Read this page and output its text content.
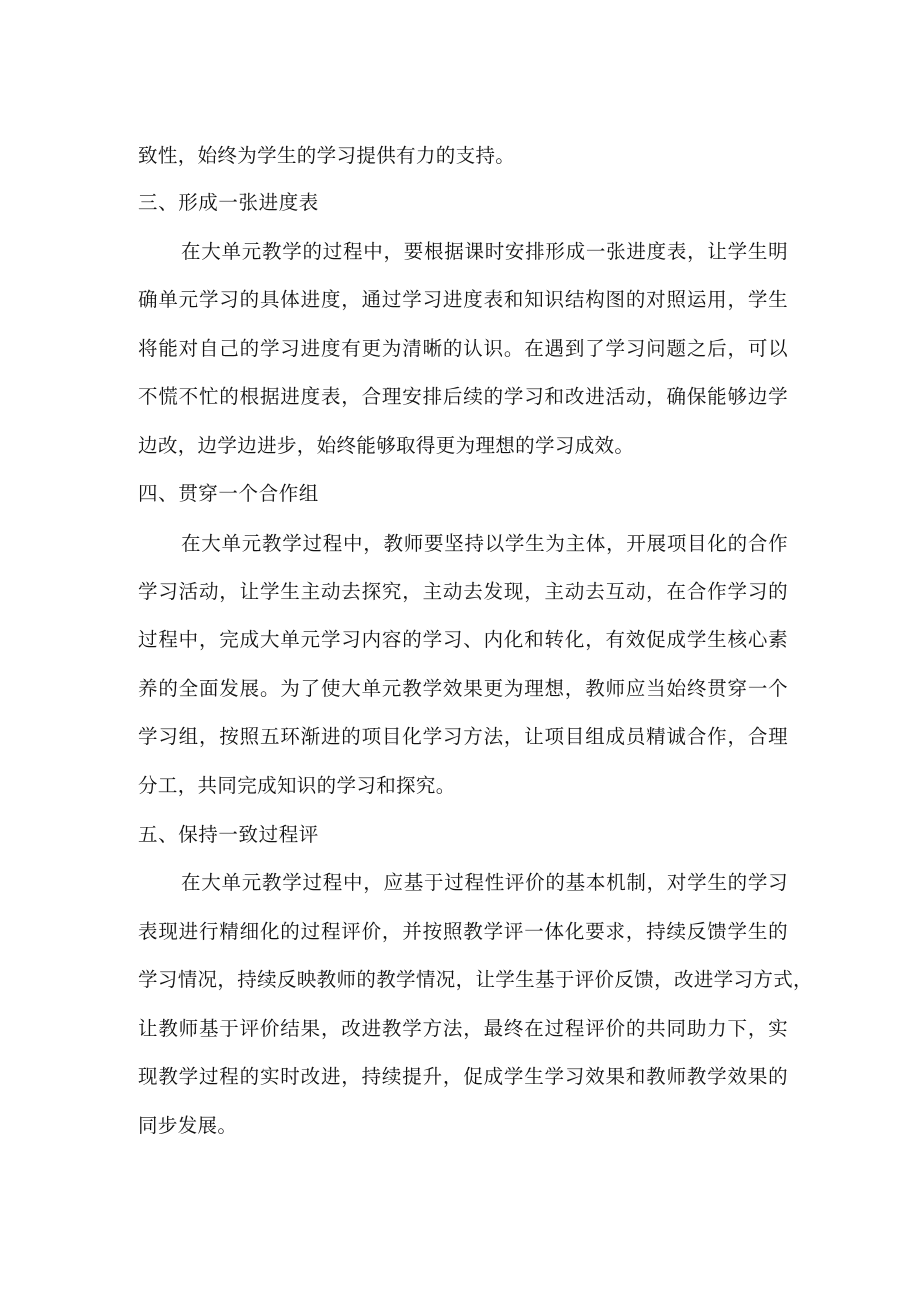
致性，始终为学生的学习提供有力的支持。
三、形成一张进度表
在大单元教学的过程中，要根据课时安排形成一张进度表，让学生明
确单元学习的具体进度，通过学习进度表和知识结构图的对照运用，学生
将能对自己的学习进度有更为清晰的认识。在遇到了学习问题之后，可以
不慌不忙的根据进度表，合理安排后续的学习和改进活动，确保能够边学
边改，边学边进步，始终能够取得更为理想的学习成效。
四、贯穿一个合作组
在大单元教学过程中，教师要坚持以学生为主体，开展项目化的合作
学习活动，让学生主动去探究，主动去发现，主动去互动，在合作学习的
过程中，完成大单元学习内容的学习、内化和转化，有效促成学生核心素
养的全面发展。为了使大单元教学效果更为理想，教师应当始终贯穿一个
学习组，按照五环渐进的项目化学习方法，让项目组成员精诚合作，合理
分工，共同完成知识的学习和探究。
五、保持一致过程评
在大单元教学过程中，应基于过程性评价的基本机制，对学生的学习
表现进行精细化的过程评价，并按照教学评一体化要求，持续反馈学生的
学习情况，持续反映教师的教学情况，让学生基于评价反馈，改进学习方式，
让教师基于评价结果，改进教学方法，最终在过程评价的共同助力下，实
现教学过程的实时改进，持续提升，促成学生学习效果和教师教学效果的
同步发展。
